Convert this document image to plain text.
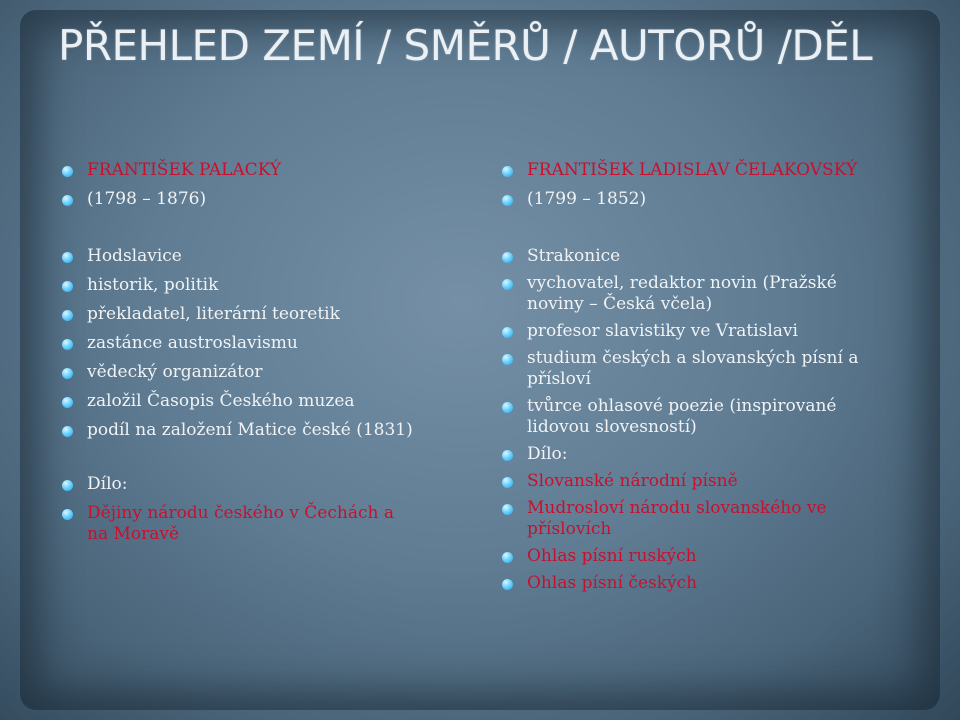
PŘEHLED ZEMÍ / SMĚRŮ / AUTORŮ /DĚL
FRANTIŠEK PALACKÝ
(1798 – 1876)
Hodslavice
historik, politik
překladatel, literární teoretik
zastánce austroslavismu
vědecký organizátor
založil Časopis Českého muzea
podíl na založení Matice české (1831)
Dílo:
Dějiny národu českého v Čechách a na Moravě
FRANTIŠEK LADISLAV ČELAKOVSKÝ
(1799 – 1852)
Strakonice
vychovatel, redaktor novin (Pražské noviny – Česká včela)
profesor slavistiky ve Vratislavi
studium českých a slovanských písní a přísloví
tvůrce ohlasové poezie (inspirované lidovou slovesností)
Dílo:
Slovanské národní písně
Mudrosloví národu slovanského ve příslovích
Ohlas písní ruských
Ohlas písní českých
